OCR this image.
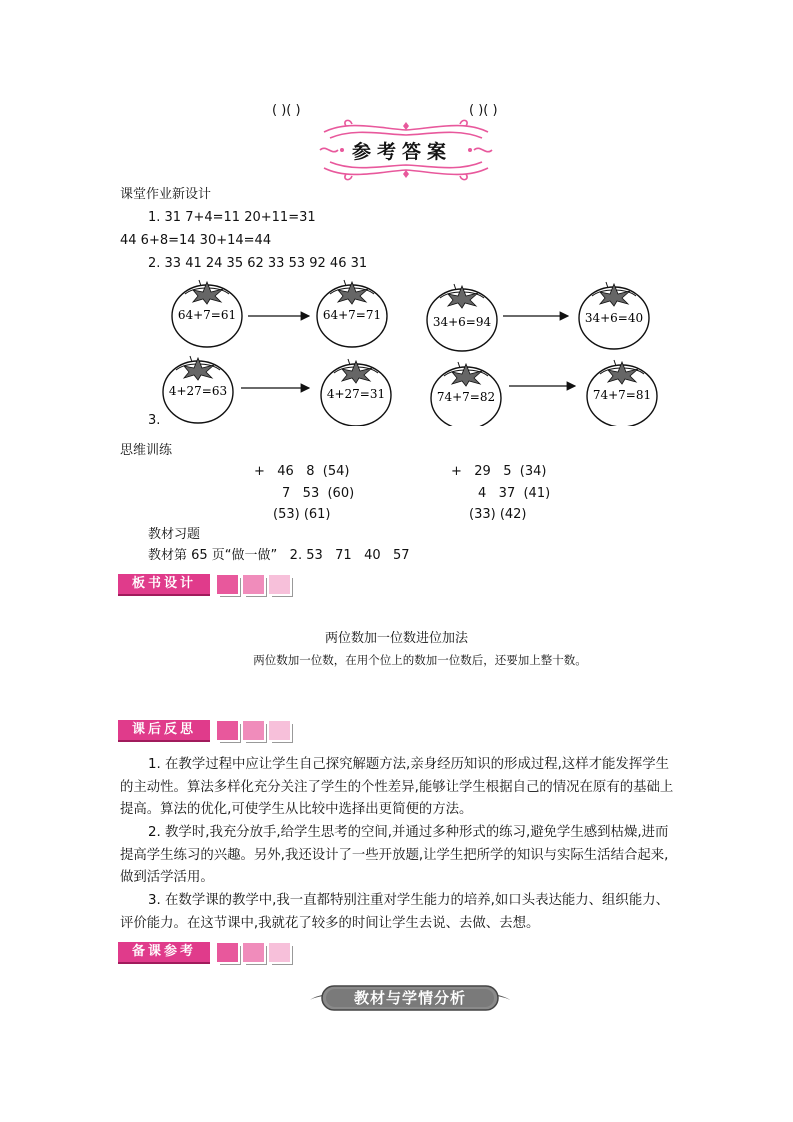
( )( )	( )( )
参考答案
课堂作业新设计
1. 31 7+4=11 20+11=31
44 6+8=14 30+14=44
2. 33 41 24 35 62 33 53 92 46 31
64+7=61	64+7=71	34+6=94	34+6=40
4+27=63	4+27=31	74+7=82	74+7=81
3.
思维训练
+   46   8  (54)
7   53  (60)
(53) (61)
+   29   5  (34)
4   37  (41)
(33) (42)
教材习题
教材第 65 页“做一做”   2. 53   71   40   57
板书设计
两位数加一位数进位加法
两位数加一位数，在用个位上的数加一位数后，还要加上整十数。
课后反思
1. 在教学过程中应让学生自己探究解题方法,亲身经历知识的形成过程,这样才能发挥学生的主动性。算法多样化充分关注了学生的个性差异,能够让学生根据自己的情况在原有的基础上提高。算法的优化,可使学生从比较中选择出更简便的方法。
2. 教学时,我充分放手,给学生思考的空间,并通过多种形式的练习,避免学生感到枯燥,进而提高学生练习的兴趣。另外,我还设计了一些开放题,让学生把所学的知识与实际生活结合起来,做到活学活用。
3. 在数学课的教学中,我一直都特别注重对学生能力的培养,如口头表达能力、组织能力、评价能力。在这节课中,我就花了较多的时间让学生去说、去做、去想。
备课参考
教材与学情分析
